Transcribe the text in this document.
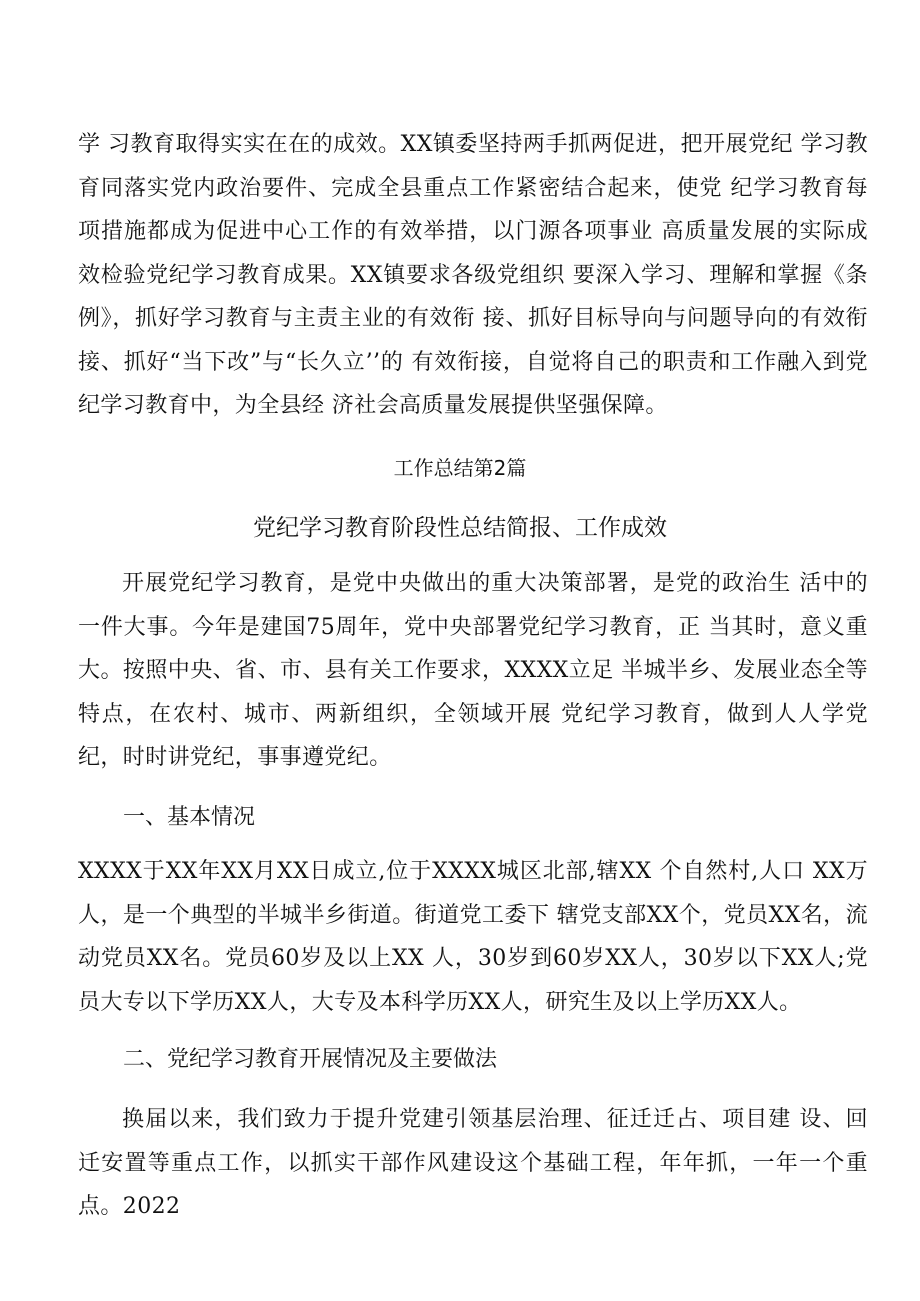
学 习教育取得实实在在的成效。XX镇委坚持两手抓两促进，把开展党纪 学习教育同落实党内政治要件、完成全县重点工作紧密结合起来，使党 纪学习教育每项措施都成为促进中心工作的有效举措，以门源各项事业 高质量发展的实际成效检验党纪学习教育成果。XX镇要求各级党组织 要深入学习、理解和掌握《条例》，抓好学习教育与主责主业的有效衔 接、抓好目标导向与问题导向的有效衔接、抓好“当下改”与“长久立’’的 有效衔接，自觉将自己的职责和工作融入到党纪学习教育中，为全县经 济社会高质量发展提供坚强保障。

工作总结第2篇

党纪学习教育阶段性总结简报、工作成效

开展党纪学习教育，是党中央做出的重大决策部署，是党的政治生 活中的一件大事。今年是建国75周年，党中央部署党纪学习教育，正 当其时，意义重大。按照中央、省、市、县有关工作要求，XXXX立足 半城半乡、发展业态全等特点，在农村、城市、两新组织，全领域开展 党纪学习教育，做到人人学党纪，时时讲党纪，事事遵党纪。

一、基本情况

XXXX于XX年XX月XX日成立,位于XXXX城区北部,辖XX 个自然村,人口 XX万人，是一个典型的半城半乡街道。街道党工委下 辖党支部XX个，党员XX名，流动党员XX名。党员60岁及以上XX 人，30岁到60岁XX人，30岁以下XX人;党员大专以下学历XX人，大专及本科学历XX人，研究生及以上学历XX人。

二、党纪学习教育开展情况及主要做法

换届以来，我们致力于提升党建引领基层治理、征迁迁占、项目建 设、回迁安置等重点工作，以抓实干部作风建设这个基础工程，年年抓，一年一个重点。2022
